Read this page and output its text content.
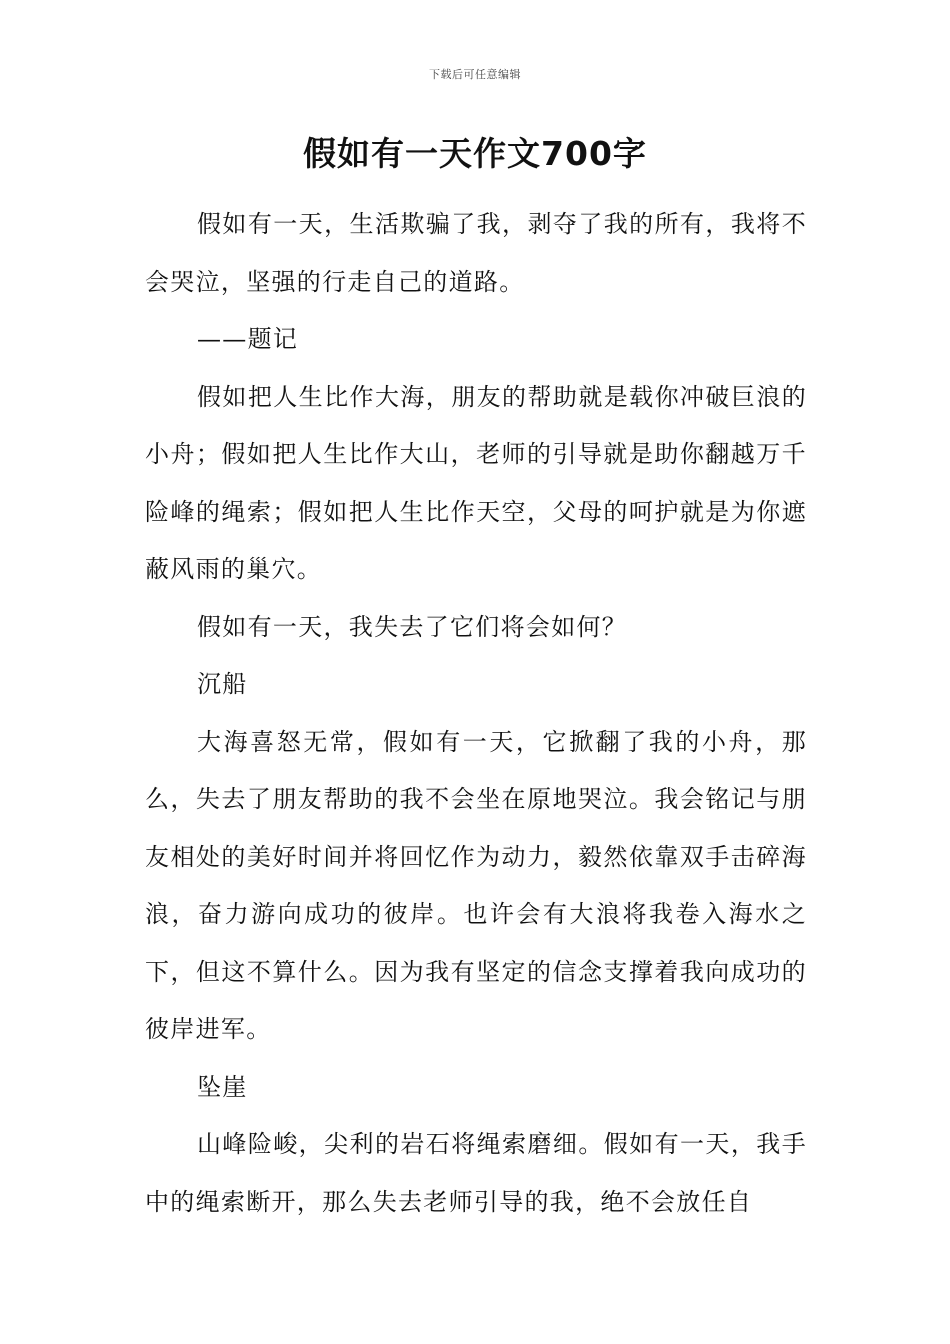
下载后可任意编辑
假如有一天作文700字

假如有一天，生活欺骗了我，剥夺了我的所有，我将不会哭泣，坚强的行走自己的道路。

——题记

假如把人生比作大海，朋友的帮助就是载你冲破巨浪的小舟；假如把人生比作大山，老师的引导就是助你翻越万千险峰的绳索；假如把人生比作天空，父母的呵护就是为你遮蔽风雨的巢穴。

假如有一天，我失去了它们将会如何？

沉船

大海喜怒无常，假如有一天，它掀翻了我的小舟，那么，失去了朋友帮助的我不会坐在原地哭泣。我会铭记与朋友相处的美好时间并将回忆作为动力，毅然依靠双手击碎海浪，奋力游向成功的彼岸。也许会有大浪将我卷入海水之下，但这不算什么。因为我有坚定的信念支撑着我向成功的彼岸进军。

坠崖

山峰险峻，尖利的岩石将绳索磨细。假如有一天，我手中的绳索断开，那么失去老师引导的我，绝不会放任自
